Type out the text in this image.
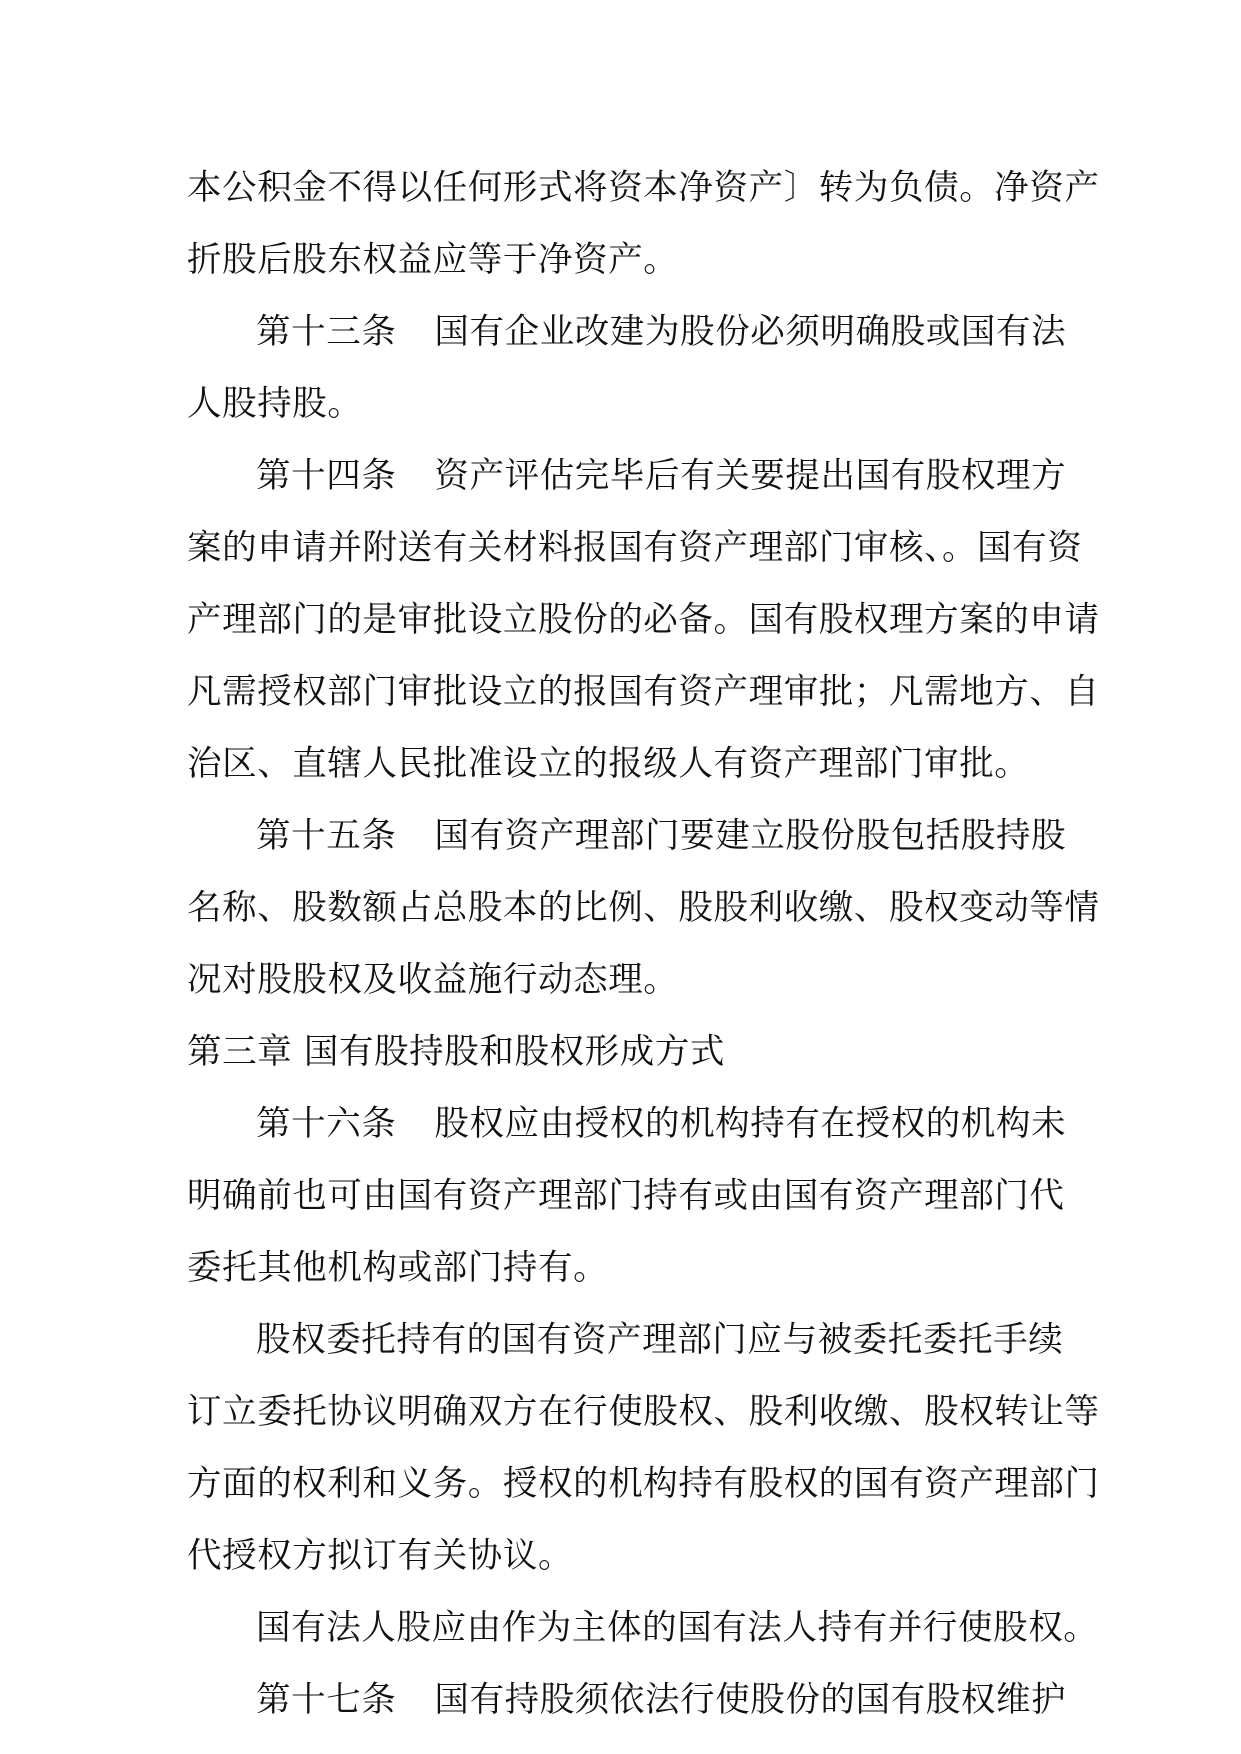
本公积金不得以任何形式将资本净资产〕转为负债。净资产
折股后股东权益应等于净资产。
第十三条 国有企业改建为股份必须明确股或国有法
人股持股。
第十四条 资产评估完毕后有关要提出国有股权理方
案的申请并附送有关材料报国有资产理部门审核、。国有资
产理部门的是审批设立股份的必备。国有股权理方案的申请
凡需授权部门审批设立的报国有资产理审批；凡需地方、自
治区、直辖人民批准设立的报级人有资产理部门审批。
第十五条 国有资产理部门要建立股份股包括股持股
名称、股数额占总股本的比例、股股利收缴、股权变动等情
况对股股权及收益施行动态理。
第三章 国有股持股和股权形成方式
第十六条 股权应由授权的机构持有在授权的机构未
明确前也可由国有资产理部门持有或由国有资产理部门代
委托其他机构或部门持有。
股权委托持有的国有资产理部门应与被委托委托手续
订立委托协议明确双方在行使股权、股利收缴、股权转让等
方面的权利和义务。授权的机构持有股权的国有资产理部门
代授权方拟订有关协议。
国有法人股应由作为主体的国有法人持有并行使股权。
第十七条 国有持股须依法行使股份的国有股权维护
